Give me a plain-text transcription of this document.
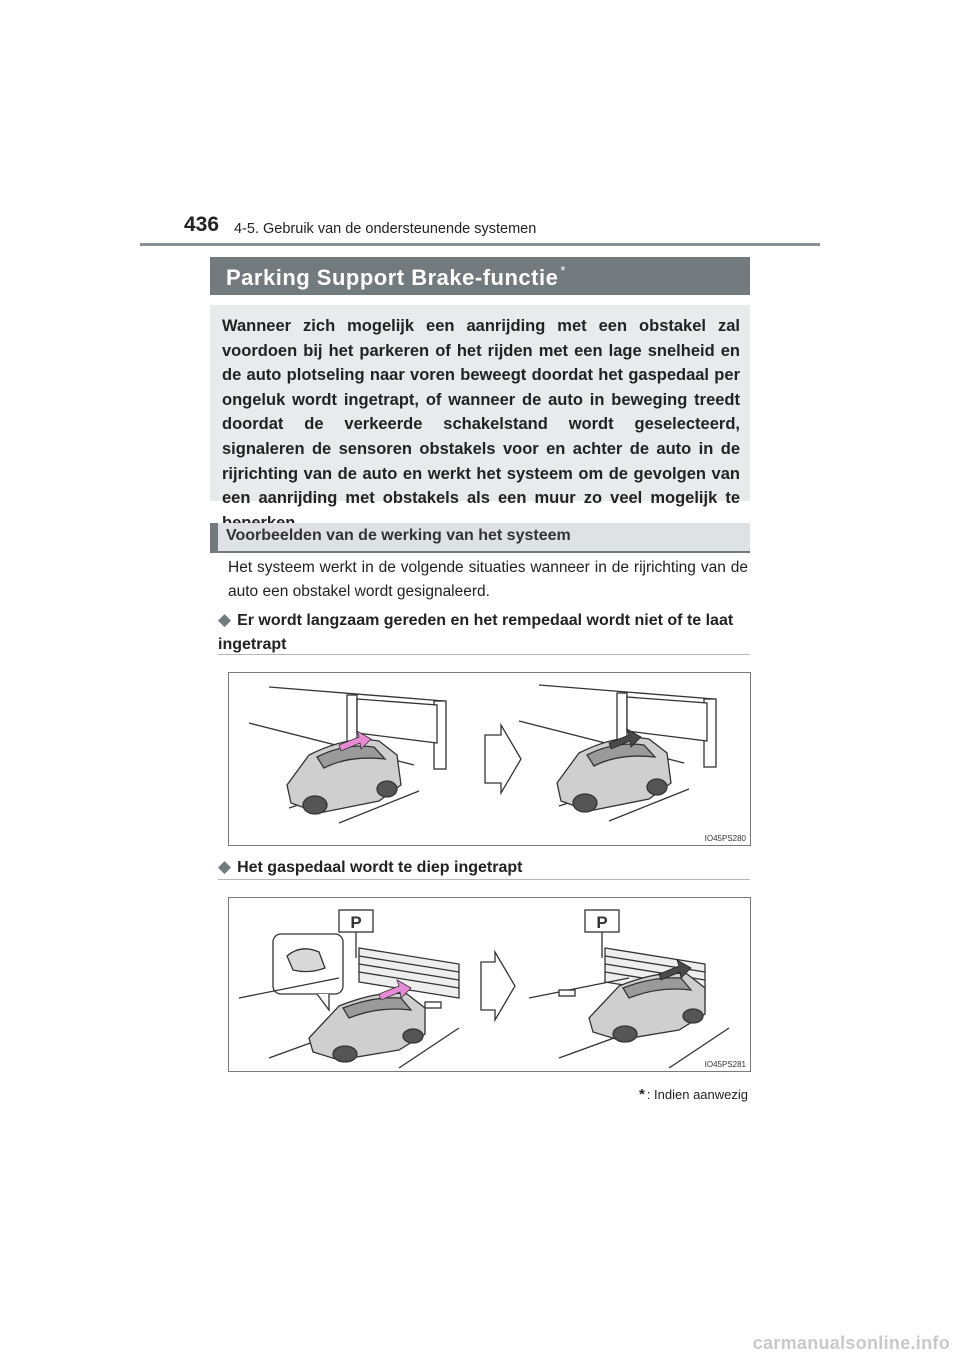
436 4-5. Gebruik van de ondersteunende systemen
Parking Support Brake-functie *
Wanneer zich mogelijk een aanrijding met een obstakel zal voordoen bij het parkeren of het rijden met een lage snelheid en de auto plotseling naar voren beweegt doordat het gaspedaal per ongeluk wordt ingetrapt, of wanneer de auto in beweging treedt doordat de verkeerde schakelstand wordt geselecteerd, signaleren de sensoren obstakels voor en achter de auto in de rijrichting van de auto en werkt het systeem om de gevolgen van een aanrijding met obstakels als een muur zo veel mogelijk te
Voorbeelden van de werking van het systeem
Het systeem werkt in de volgende situaties wanneer in de rijrichting van de auto een obstakel wordt gesignaleerd.
◆ Er wordt langzaam gereden en het rempedaal wordt niet of te laat ingetrapt
IO45PS280
◆ Het gaspedaal wordt te diep ingetrapt
P	P
IO45PS281
* : Indien aanwezig
carmanualsonline.info
